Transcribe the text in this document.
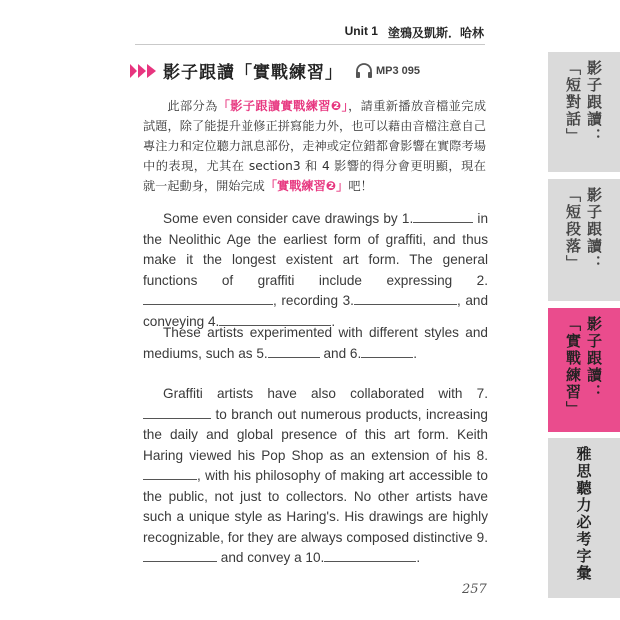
Unit 1 塗鴉及凱斯．哈林
影子跟讀「實戰練習」	MP3 095

此部分為「影子跟讀實戰練習❷」，請重新播放音檔並完成試題，除了能提升並修正拼寫能力外，也可以藉由音檔注意自己專注力和定位聽力訊息部份，走神或定位錯都會影響在實際考場中的表現，尤其在 section3 和 4 影響的得分會更明顯，現在就一起動身，開始完成「實戰練習❷」吧！

Some even consider cave drawings by 1.	in the Neolithic Age the earliest form of graffiti, and thus make it the longest existent art form. The general functions of graffiti include expressing 2., recording 3.	, and conveying 4.	.

These artists experimented with different styles and mediums, such as 5.	and 6.	.

Graffiti artists have also collaborated with 7. to branch out numerous products, increasing the daily and global presence of this art form. Keith Haring viewed his Pop Shop as an extension of his 8., with his philosophy of making art accessible to the public, not just to collectors. No other artists have such a unique style as Haring's. His drawings are highly recognizable, for they are always composed distinctive 9. and convey a 10.	.

影子跟讀：「短對話」
影子跟讀：「短段落」
影子跟讀：「實戰練習」
雅思聽力必考字彙
257
